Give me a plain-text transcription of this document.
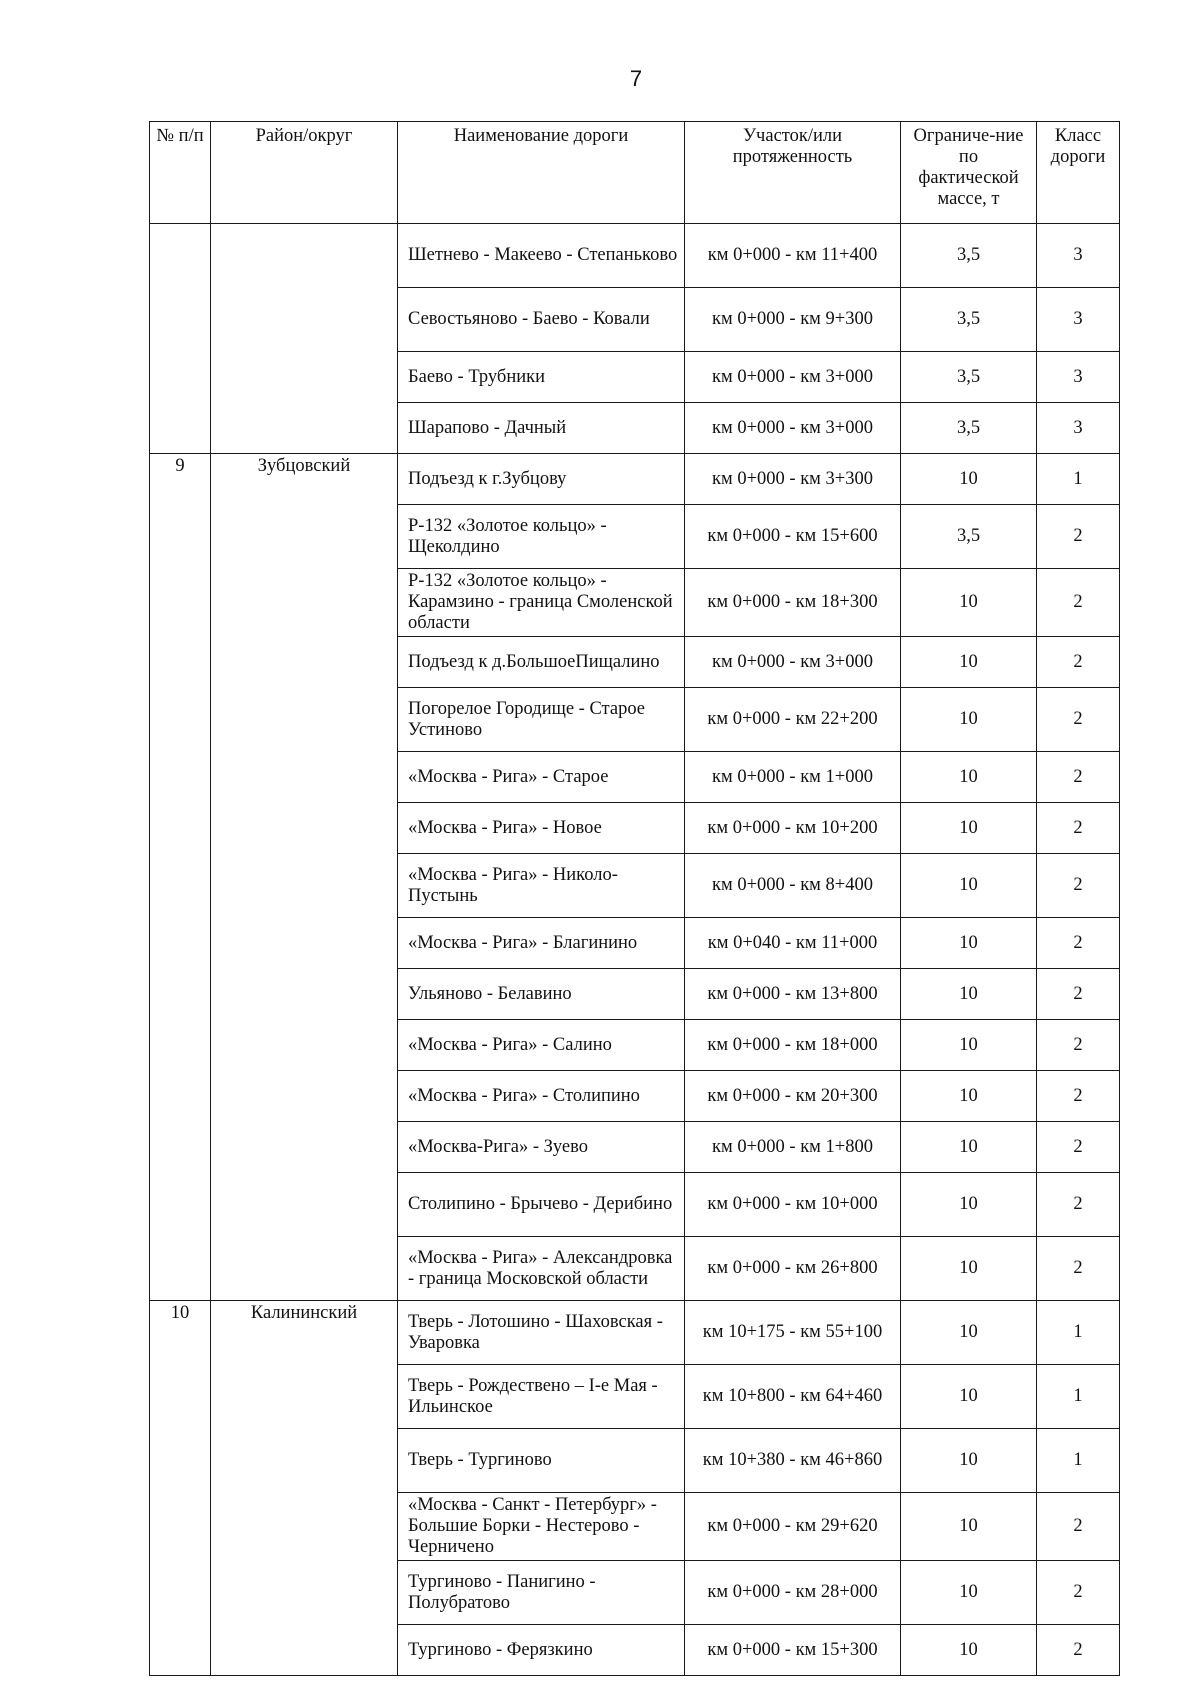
7
№ п/п	Район/округ	Наименование дороги	Участок/или протяженность	Ограниче-ние по фактической массе, т	Класс дороги
		Шетнево - Макеево - Степаньково	км 0+000 - км 11+400	3,5	3
		Севостьяново - Баево - Ковали	км 0+000 - км 9+300	3,5	3
		Баево - Трубники	км 0+000 - км 3+000	3,5	3
		Шарапово - Дачный	км 0+000 - км 3+000	3,5	3
9	Зубцовский	Подъезд к г.Зубцову	км 0+000 - км 3+300	10	1
		Р-132 «Золотое кольцо» - Щеколдино	км 0+000 - км 15+600	3,5	2
		Р-132 «Золотое кольцо» - Карамзино - граница Смоленской области	км 0+000 - км 18+300	10	2
		Подъезд к д.БольшоеПищалино	км 0+000 - км 3+000	10	2
		Погорелое Городище - Старое Устиново	км 0+000 - км 22+200	10	2
		«Москва - Рига» - Старое	км 0+000 - км 1+000	10	2
		«Москва - Рига» - Новое	км 0+000 - км 10+200	10	2
		«Москва - Рига» - Николо-Пустынь	км 0+000 - км 8+400	10	2
		«Москва - Рига» - Благинино	км 0+040 - км 11+000	10	2
		Ульяново - Белавино	км 0+000 - км 13+800	10	2
		«Москва - Рига» - Салино	км 0+000 - км 18+000	10	2
		«Москва - Рига» - Столипино	км 0+000 - км 20+300	10	2
		«Москва-Рига» - Зуево	км 0+000 - км 1+800	10	2
		Столипино - Брычево - Дерибино	км 0+000 - км 10+000	10	2
		«Москва - Рига» - Александровка - граница Московской области	км 0+000 - км 26+800	10	2
10	Калининский	Тверь - Лотошино - Шаховская - Уваровка	км 10+175 - км 55+100	10	1
		Тверь - Рождествено – I-е Мая - Ильинское	км 10+800 - км 64+460	10	1
		Тверь - Тургиново	км 10+380 - км 46+860	10	1
		«Москва - Санкт - Петербург» - Большие Борки - Нестерово - Черничено	км 0+000 - км 29+620	10	2
		Тургиново - Панигино - Полубратово	км 0+000 - км 28+000	10	2
		Тургиново - Ферязкино	км 0+000 - км 15+300	10	2
